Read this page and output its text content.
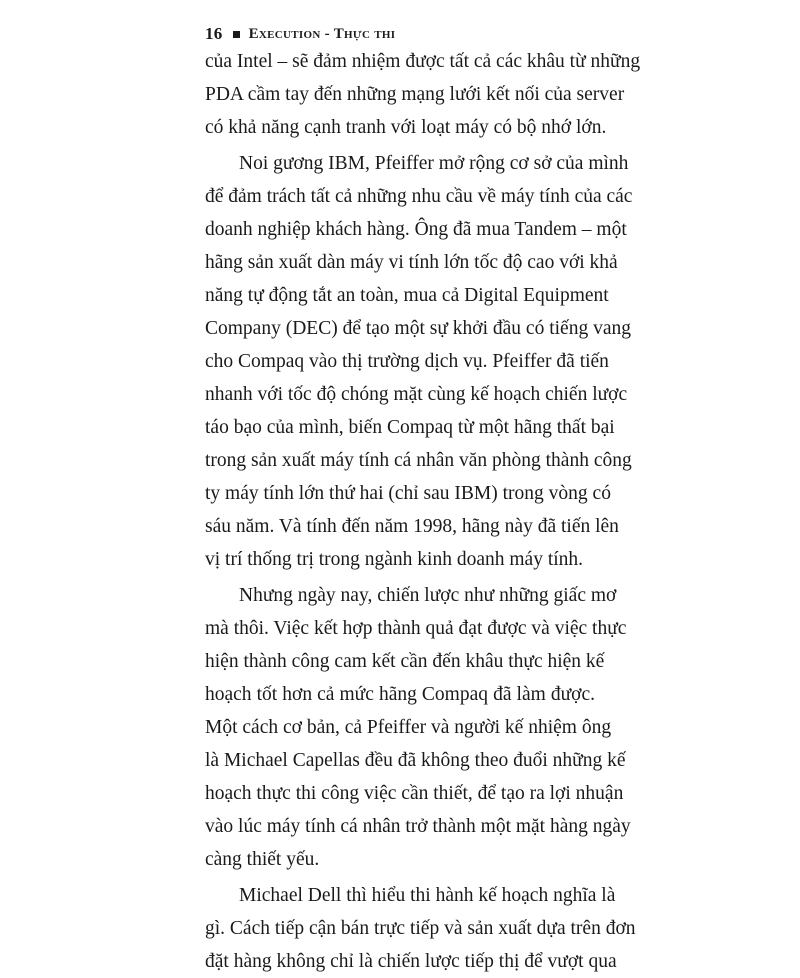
16 Execution - Thực thi
của Intel – sẽ đảm nhiệm được tất cả các khâu từ những
PDA cầm tay đến những mạng lưới kết nối của server
có khả năng cạnh tranh với loạt máy có bộ nhớ lớn.
Noi gương IBM, Pfeiffer mở rộng cơ sở của mình
để đảm trách tất cả những nhu cầu về máy tính của các
doanh nghiệp khách hàng. Ông đã mua Tandem – một
hãng sản xuất dàn máy vi tính lớn tốc độ cao với khả
năng tự động tắt an toàn, mua cả Digital Equipment
Company (DEC) để tạo một sự khởi đầu có tiếng vang
cho Compaq vào thị trường dịch vụ. Pfeiffer đã tiến
nhanh với tốc độ chóng mặt cùng kế hoạch chiến lược
táo bạo của mình, biến Compaq từ một hãng thất bại
trong sản xuất máy tính cá nhân văn phòng thành công
ty máy tính lớn thứ hai (chỉ sau IBM) trong vòng có
sáu năm. Và tính đến năm 1998, hãng này đã tiến lên
vị trí thống trị trong ngành kinh doanh máy tính.
Nhưng ngày nay, chiến lược như những giấc mơ
mà thôi. Việc kết hợp thành quả đạt được và việc thực
hiện thành công cam kết cần đến khâu thực hiện kế
hoạch tốt hơn cả mức hãng Compaq đã làm được.
Một cách cơ bản, cả Pfeiffer và người kế nhiệm ông
là Michael Capellas đều đã không theo đuổi những kế
hoạch thực thi công việc cần thiết, để tạo ra lợi nhuận
vào lúc máy tính cá nhân trở thành một mặt hàng ngày
càng thiết yếu.
Michael Dell thì hiểu thi hành kế hoạch nghĩa là
gì. Cách tiếp cận bán trực tiếp và sản xuất dựa trên đơn
đặt hàng không chỉ là chiến lược tiếp thị để vượt qua
